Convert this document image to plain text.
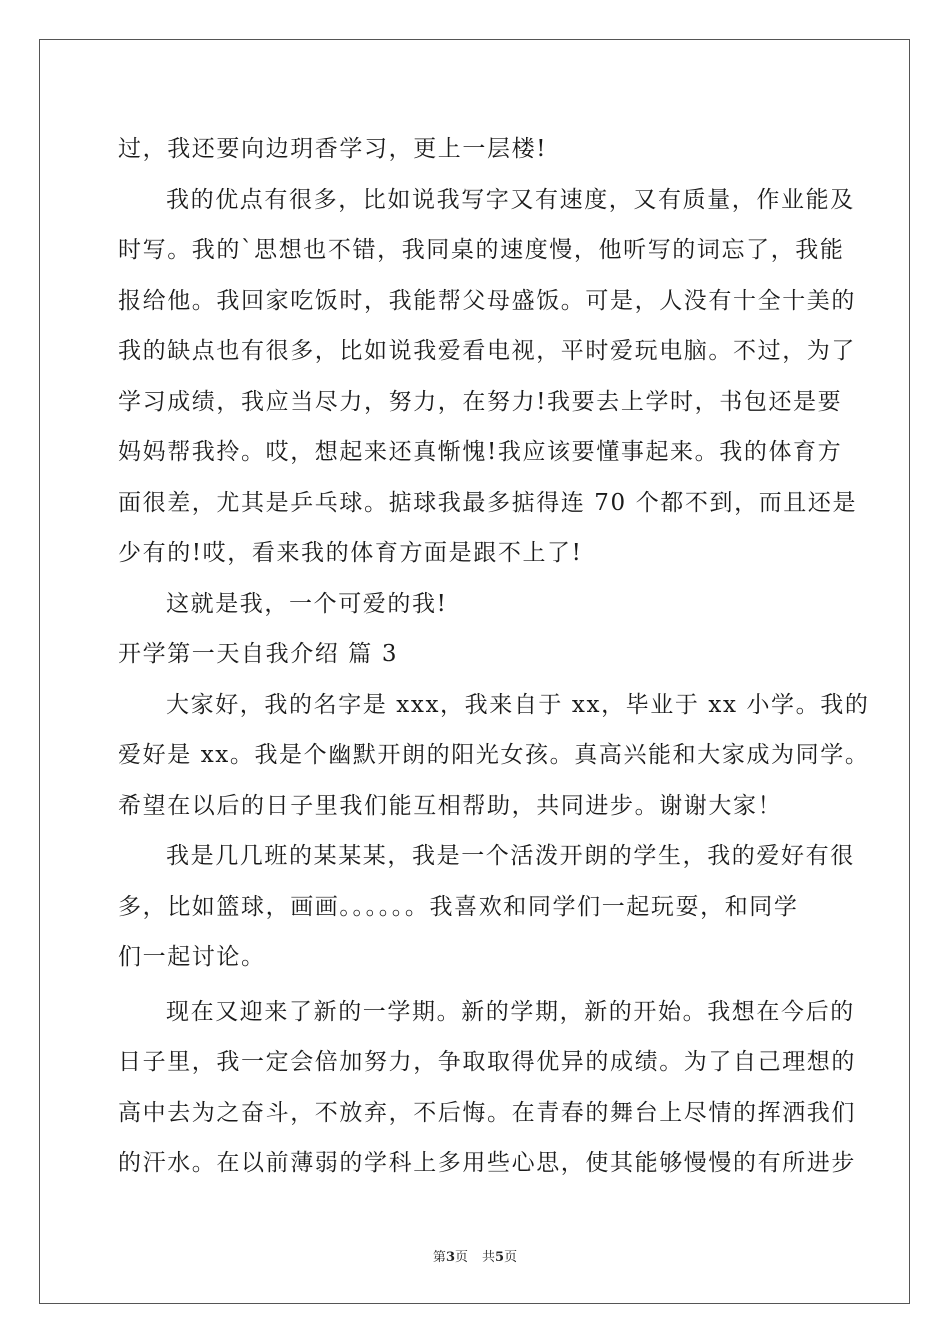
过，我还要向边玥香学习，更上一层楼!
我的优点有很多，比如说我写字又有速度，又有质量，作业能及
时写。我的`思想也不错，我同桌的速度慢，他听写的词忘了，我能
报给他。我回家吃饭时，我能帮父母盛饭。可是，人没有十全十美的
我的缺点也有很多，比如说我爱看电视，平时爱玩电脑。不过，为了
学习成绩，我应当尽力，努力，在努力!我要去上学时，书包还是要
妈妈帮我拎。哎，想起来还真惭愧!我应该要懂事起来。我的体育方
面很差，尤其是乒乓球。掂球我最多掂得连 70 个都不到，而且还是
少有的!哎，看来我的体育方面是跟不上了!
这就是我，一个可爱的我!
开学第一天自我介绍 篇 3
大家好，我的名字是 xxx，我来自于 xx，毕业于 xx 小学。我的
爱好是 xx。我是个幽默开朗的阳光女孩。真高兴能和大家成为同学。
希望在以后的日子里我们能互相帮助，共同进步。谢谢大家！
我是几几班的某某某，我是一个活泼开朗的学生，我的爱好有很
多，比如篮球，画画。。。。。。我喜欢和同学们一起玩耍，和同学
们一起讨论。
现在又迎来了新的一学期。新的学期，新的开始。我想在今后的
日子里，我一定会倍加努力，争取取得优异的成绩。为了自己理想的
高中去为之奋斗，不放弃，不后悔。在青春的舞台上尽情的挥洒我们
的汗水。在以前薄弱的学科上多用些心思，使其能够慢慢的有所进步
第3页 共5页
